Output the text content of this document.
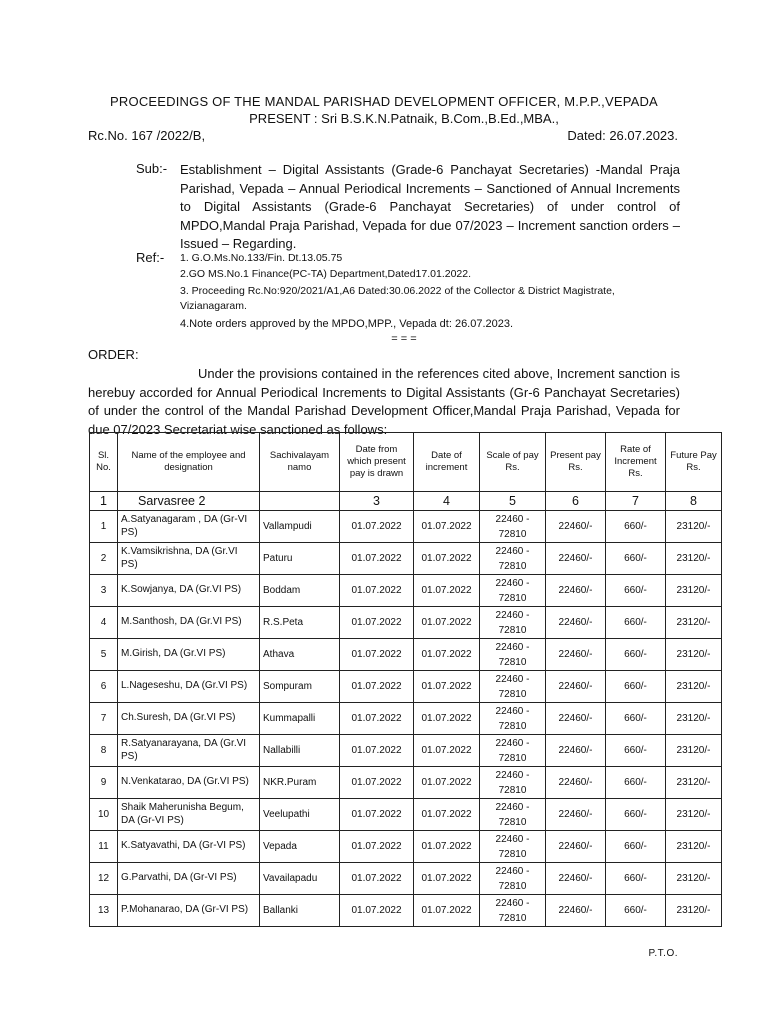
PROCEEDINGS OF THE MANDAL PARISHAD DEVELOPMENT OFFICER, M.P.P.,VEPADA
PRESENT : Sri B.S.K.N.Patnaik, B.Com.,B.Ed.,MBA.,
Rc.No. 167 /2022/B,	Dated: 26.07.2023.
Sub:- Establishment – Digital Assistants (Grade-6 Panchayat Secretaries) -Mandal Praja Parishad, Vepada – Annual Periodical Increments – Sanctioned of Annual Increments to Digital Assistants (Grade-6 Panchayat Secretaries) of under control of MPDO,Mandal Praja Parishad, Vepada for due 07/2023 – Increment sanction orders – Issued – Regarding.
Ref:- 1. G.O.Ms.No.133/Fin. Dt.13.05.75
2.GO MS.No.1 Finance(PC-TA) Department,Dated17.01.2022.
3. Proceeding Rc.No:920/2021/A1,A6 Dated:30.06.2022 of the Collector & District Magistrate, Vizianagaram.
4.Note orders approved by the MPDO,MPP., Vepada dt: 26.07.2023.
= = =
ORDER:
Under the provisions contained in the references cited above, Increment sanction is herebuy accorded for Annual Periodical Increments to Digital Assistants (Gr-6 Panchayat Secretaries) of under the control of the Mandal Parishad Development Officer,Mandal Praja Parishad, Vepada for due 07/2023 Secretariat wise sanctioned as follows:
Sl. No.	Name of the employee and designation	Sachivalayam namo	Date from which present pay is drawn	Date of increment	Scale of pay Rs.	Present pay Rs.	Rate of Increment Rs.	Future Pay Rs.
1	Sarvasree 2		3	4	5	6	7	8
1	A.Satyanagaram , DA (Gr-VI PS)	Vallampudi	01.07.2022	01.07.2022	22460 - 72810	22460/-	660/-	23120/-
2	K.Vamsikrishna, DA (Gr.VI PS)	Paturu	01.07.2022	01.07.2022	22460 - 72810	22460/-	660/-	23120/-
3	K.Sowjanya, DA (Gr.VI PS)	Boddam	01.07.2022	01.07.2022	22460 - 72810	22460/-	660/-	23120/-
4	M.Santhosh, DA (Gr.VI PS)	R.S.Peta	01.07.2022	01.07.2022	22460 - 72810	22460/-	660/-	23120/-
5	M.Girish, DA (Gr.VI PS)	Athava	01.07.2022	01.07.2022	22460 - 72810	22460/-	660/-	23120/-
6	L.Nageseshu, DA (Gr.VI PS)	Sompuram	01.07.2022	01.07.2022	22460 - 72810	22460/-	660/-	23120/-
7	Ch.Suresh, DA (Gr.VI PS)	Kummapalli	01.07.2022	01.07.2022	22460 - 72810	22460/-	660/-	23120/-
8	R.Satyanarayana, DA (Gr.VI PS)	Nallabilli	01.07.2022	01.07.2022	22460 - 72810	22460/-	660/-	23120/-
9	N.Venkatarao, DA (Gr.VI PS)	NKR.Puram	01.07.2022	01.07.2022	22460 - 72810	22460/-	660/-	23120/-
10	Shaik Maherunisha Begum, DA (Gr-VI PS)	Veelupathi	01.07.2022	01.07.2022	22460 - 72810	22460/-	660/-	23120/-
11	K.Satyavathi, DA (Gr-VI PS)	Vepada	01.07.2022	01.07.2022	22460 - 72810	22460/-	660/-	23120/-
12	G.Parvathi, DA (Gr-VI PS)	Vavailapadu	01.07.2022	01.07.2022	22460 - 72810	22460/-	660/-	23120/-
13	P.Mohanarao, DA (Gr-VI PS)	Ballanki	01.07.2022	01.07.2022	22460 - 72810	22460/-	660/-	23120/-
P.T.O.
